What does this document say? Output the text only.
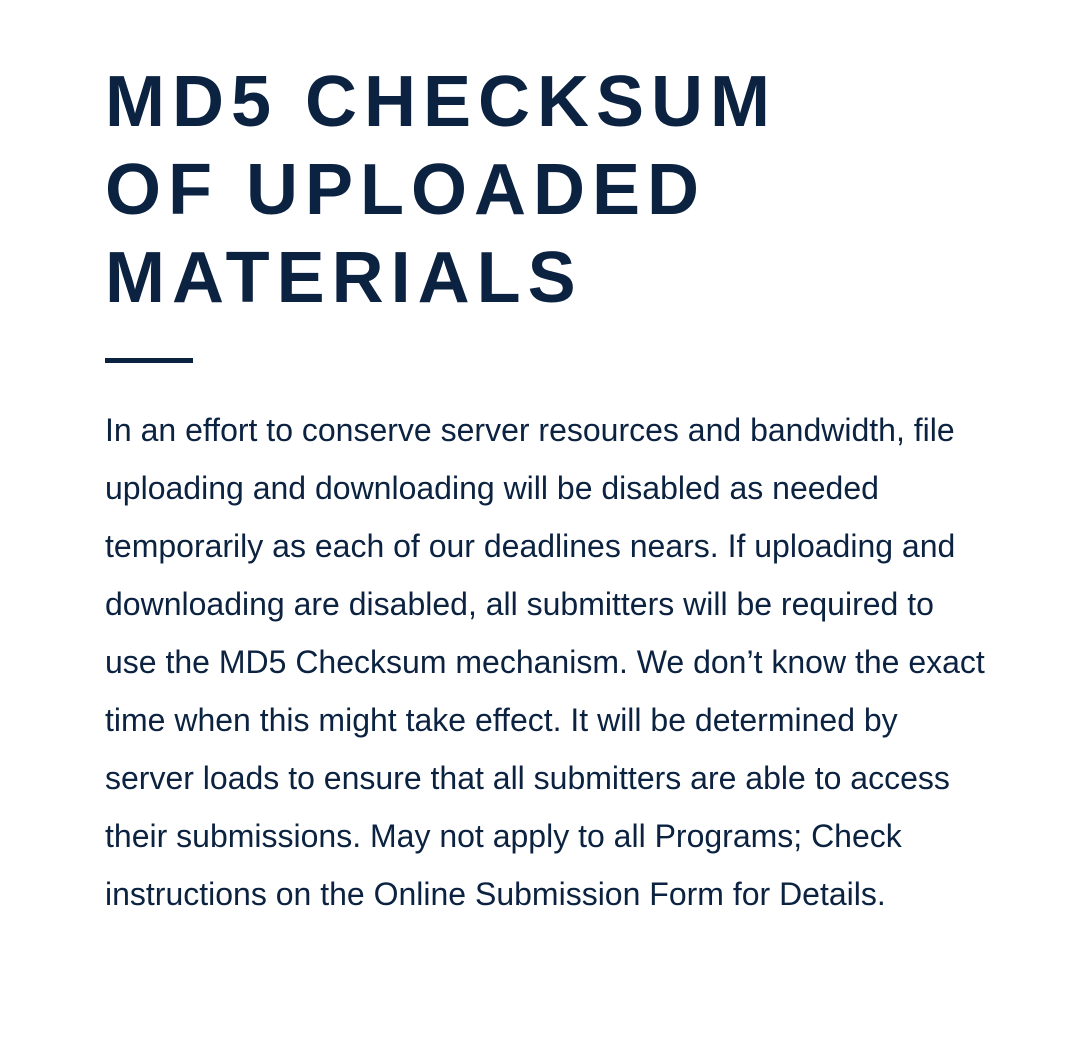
MD5 CHECKSUM OF UPLOADED MATERIALS

In an effort to conserve server resources and bandwidth, file uploading and downloading will be disabled as needed temporarily as each of our deadlines nears. If uploading and downloading are disabled, all submitters will be required to use the MD5 Checksum mechanism. We don’t know the exact time when this might take effect. It will be determined by server loads to ensure that all submitters are able to access their submissions. May not apply to all Programs; Check instructions on the Online Submission Form for Details.
